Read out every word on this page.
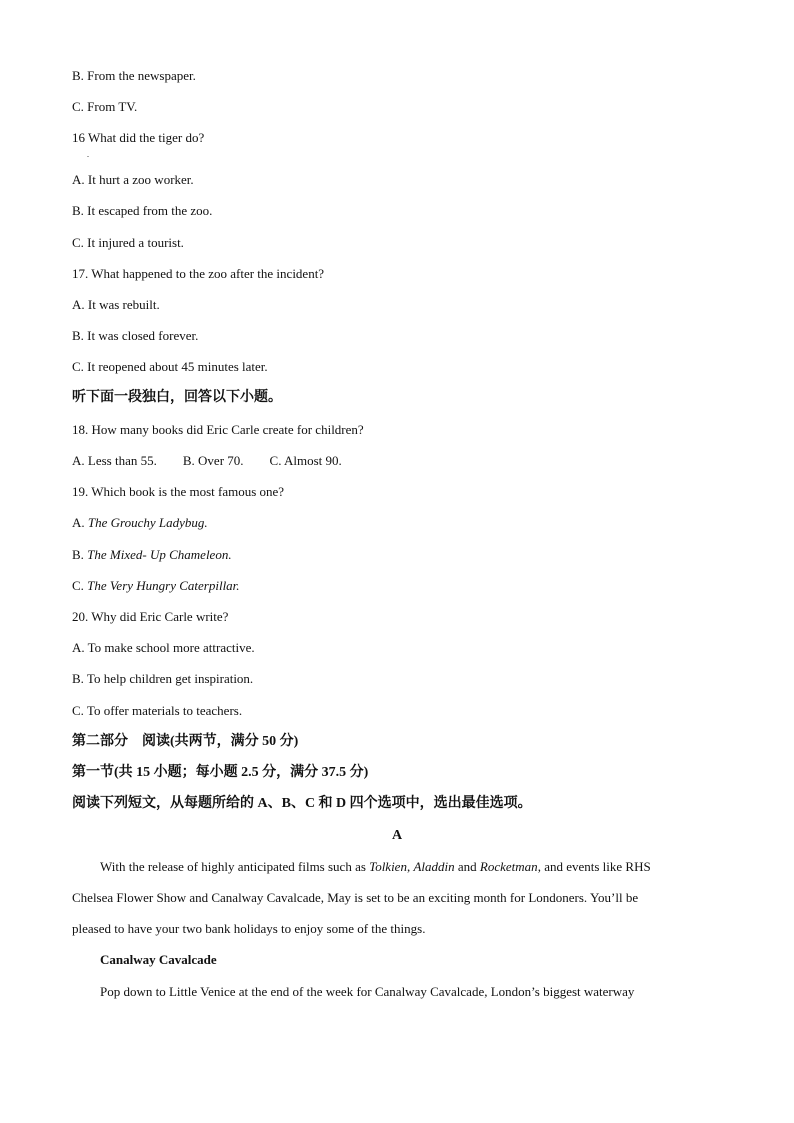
B. From the newspaper.
C. From TV.
16 What did the tiger do?
.
A. It hurt a zoo worker.
B. It escaped from the zoo.
C. It injured a tourist.
17. What happened to the zoo after the incident?
A. It was rebuilt.
B. It was closed forever.
C. It reopened about 45 minutes later.
听下面一段独白，回答以下小题。
18. How many books did Eric Carle create for children?
A. Less than 55. B. Over 70. C. Almost 90.
19. Which book is the most famous one?
A. The Grouchy Ladybug.
B. The Mixed- Up Chameleon.
C. The Very Hungry Caterpillar.
20. Why did Eric Carle write?
A. To make school more attractive.
B. To help children get inspiration.
C. To offer materials to teachers.
第二部分　阅读(共两节，满分 50 分)
第一节(共 15 小题；每小题 2.5 分，满分 37.5 分)
阅读下列短文，从每题所给的 A、B、C 和 D 四个选项中，选出最佳选项。
A
With the release of highly anticipated films such as Tolkien, Aladdin and Rocketman, and events like RHS
Chelsea Flower Show and Canalway Cavalcade, May is set to be an exciting month for Londoners. You’ll be
pleased to have your two bank holidays to enjoy some of the things.
Canalway Cavalcade
Pop down to Little Venice at the end of the week for Canalway Cavalcade, London’s biggest waterway
